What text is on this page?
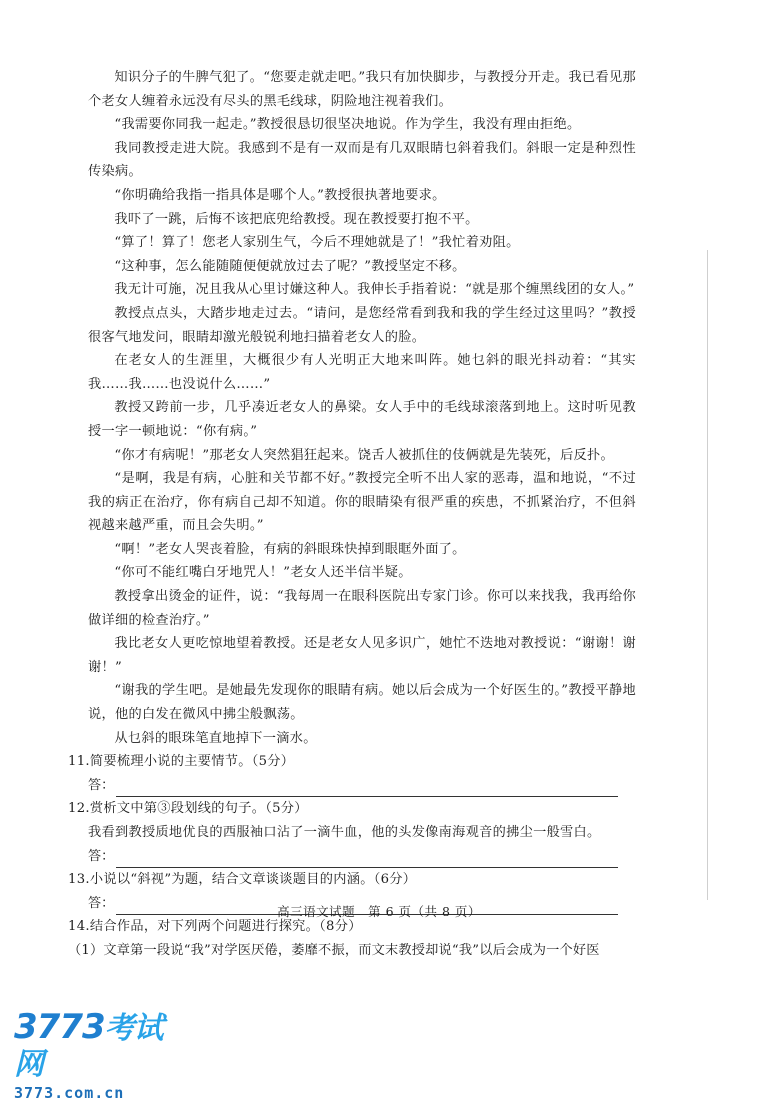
知识分子的牛脾气犯了。“您要走就走吧。”我只有加快脚步，与教授分开走。我已看见那个老女人缠着永远没有尽头的黑毛线球，阴险地注视着我们。

“我需要你同我一起走。”教授很恳切很坚决地说。作为学生，我没有理由拒绝。

我同教授走进大院。我感到不是有一双而是有几双眼睛乜斜着我们。斜眼一定是种烈性传染病。

“你明确给我指一指具体是哪个人。”教授很执著地要求。

我吓了一跳，后悔不该把底兜给教授。现在教授要打抱不平。

“算了！算了！您老人家别生气，今后不理她就是了！”我忙着劝阻。

“这种事，怎么能随随便便就放过去了呢？”教授坚定不移。

我无计可施，况且我从心里讨嫌这种人。我伸长手指着说：“就是那个缠黑线团的女人。”

教授点点头，大踏步地走过去。“请问，是您经常看到我和我的学生经过这里吗？”教授很客气地发问，眼睛却激光般锐利地扫描着老女人的脸。

在老女人的生涯里，大概很少有人光明正大地来叫阵。她乜斜的眼光抖动着：“其实我……我……也没说什么……”

教授又跨前一步，几乎凑近老女人的鼻梁。女人手中的毛线球滚落到地上。这时听见教授一字一顿地说：“你有病。”

“你才有病呢！”那老女人突然猖狂起来。饶舌人被抓住的伎俩就是先装死，后反扑。

“是啊，我是有病，心脏和关节都不好。”教授完全听不出人家的恶毒，温和地说，“不过我的病正在治疗，你有病自己却不知道。你的眼睛染有很严重的疾患，不抓紧治疗，不但斜视越来越严重，而且会失明。”

“啊！”老女人哭丧着脸，有病的斜眼珠快掉到眼眶外面了。

“你可不能红嘴白牙地咒人！”老女人还半信半疑。

教授拿出烫金的证件，说：“我每周一在眼科医院出专家门诊。你可以来找我，我再给你做详细的检查治疗。”

我比老女人更吃惊地望着教授。还是老女人见多识广，她忙不迭地对教授说：“谢谢！谢谢！”

“谢我的学生吧。是她最先发现你的眼睛有病。她以后会成为一个好医生的。”教授平静地说，他的白发在微风中拂尘般飘荡。

从乜斜的眼珠笔直地掉下一滴水。

11.简要梳理小说的主要情节。（5分）

答：

12.赏析文中第③段划线的句子。（5分）

我看到教授质地优良的西服袖口沾了一滴牛血，他的头发像南海观音的拂尘一般雪白。

答：

13.小说以“斜视”为题，结合文章谈谈题目的内涵。（6分）

答：

14.结合作品，对下列两个问题进行探究。（8分）

（1）文章第一段说“我”对学医厌倦，萎靡不振，而文末教授却说“我”以后会成为一个好医

高三语文试题　第 6 页（共 8 页）
3773考试网
3773.com.cn
